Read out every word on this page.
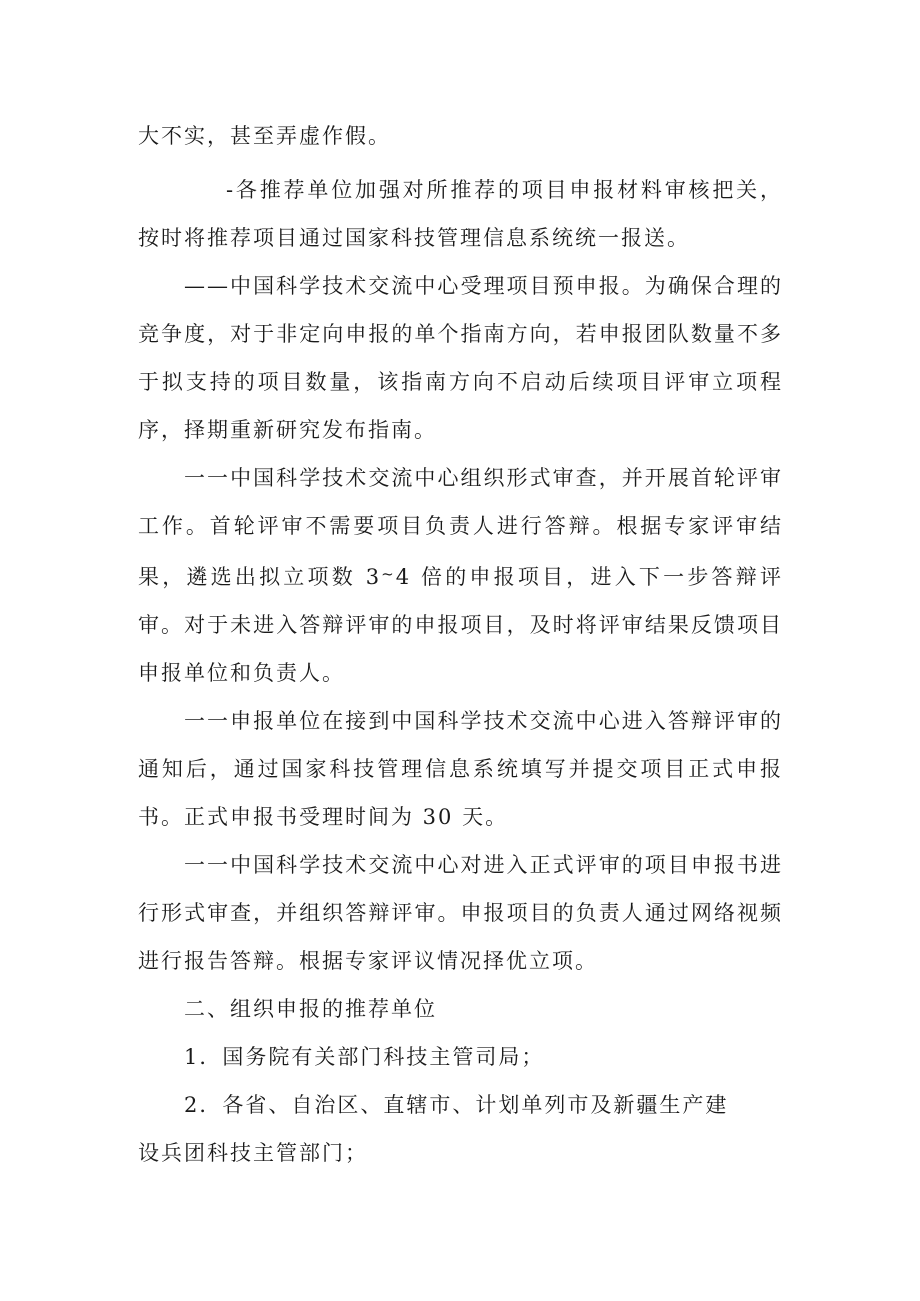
大不实，甚至弄虚作假。

-各推荐单位加强对所推荐的项目申报材料审核把关，按时将推荐项目通过国家科技管理信息系统统一报送。

——中国科学技术交流中心受理项目预申报。为确保合理的竞争度，对于非定向申报的单个指南方向，若申报团队数量不多于拟支持的项目数量，该指南方向不启动后续项目评审立项程序，择期重新研究发布指南。

一一中国科学技术交流中心组织形式审查，并开展首轮评审工作。首轮评审不需要项目负责人进行答辩。根据专家评审结果，遴选出拟立项数 3~4 倍的申报项目，进入下一步答辩评审。对于未进入答辩评审的申报项目，及时将评审结果反馈项目申报单位和负责人。

一一申报单位在接到中国科学技术交流中心进入答辩评审的通知后，通过国家科技管理信息系统填写并提交项目正式申报书。正式申报书受理时间为 30 天。

一一中国科学技术交流中心对进入正式评审的项目申报书进行形式审查，并组织答辩评审。申报项目的负责人通过网络视频进行报告答辩。根据专家评议情况择优立项。

二、组织申报的推荐单位

1．国务院有关部门科技主管司局；

2．各省、自治区、直辖市、计划单列市及新疆生产建

设兵团科技主管部门；
